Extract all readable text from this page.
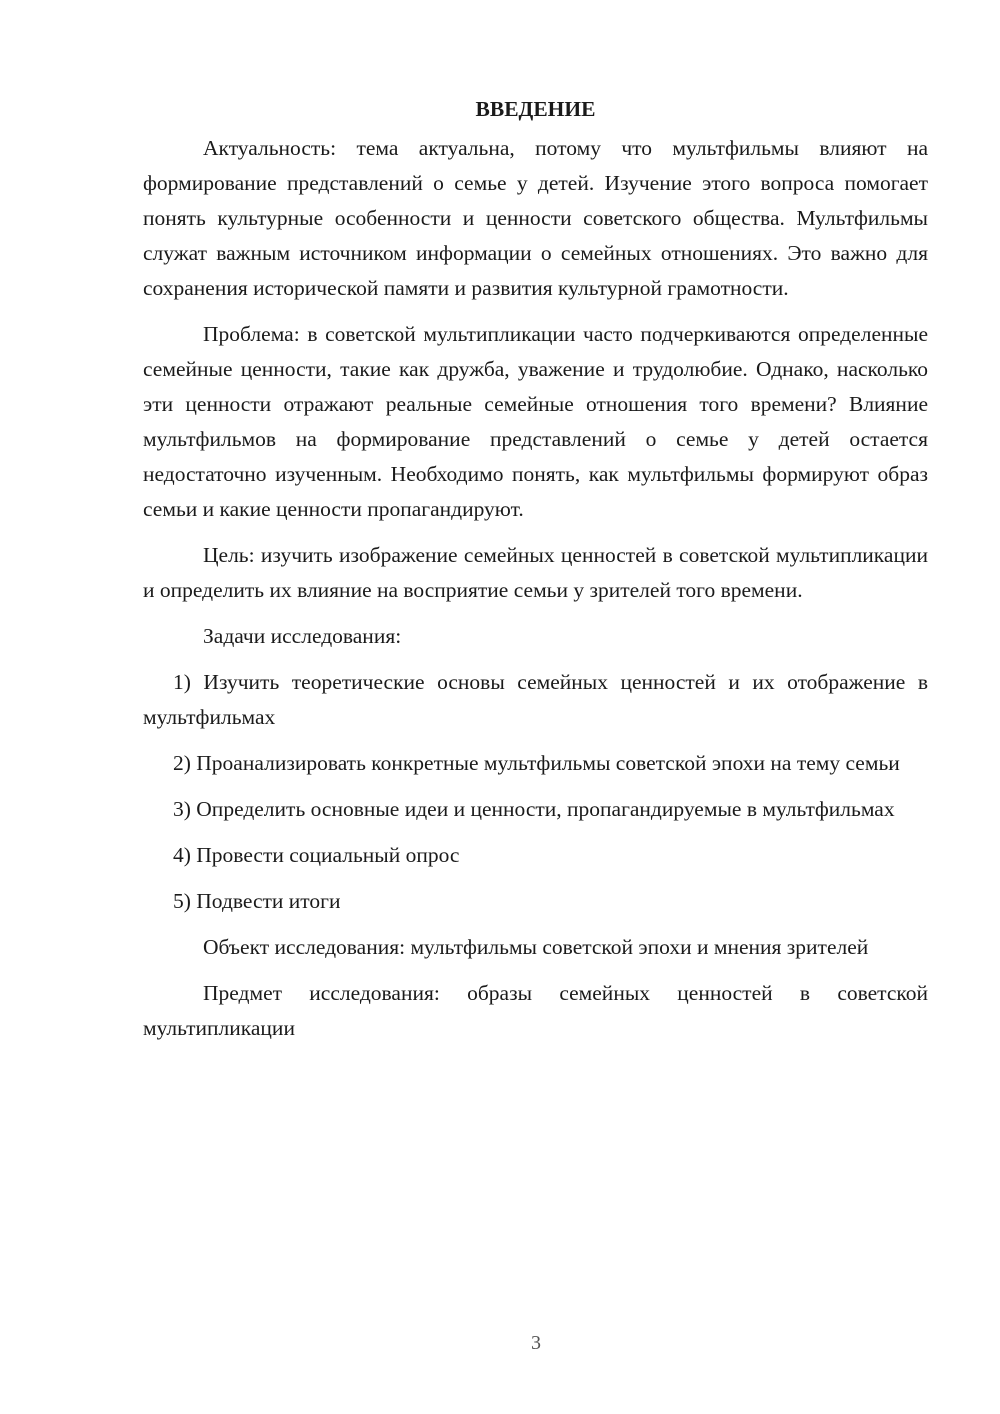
ВВЕДЕНИЕ

Актуальность: тема актуальна, потому что мультфильмы влияют на формирование представлений о семье у детей. Изучение этого вопроса помогает понять культурные особенности и ценности советского общества. Мультфильмы служат важным источником информации о семейных отношениях. Это важно для сохранения исторической памяти и развития культурной грамотности.

Проблема: в советской мультипликации часто подчеркиваются определенные семейные ценности, такие как дружба, уважение и трудолюбие. Однако, насколько эти ценности отражают реальные семейные отношения того времени? Влияние мультфильмов на формирование представлений о семье у детей остается недостаточно изученным. Необходимо понять, как мультфильмы формируют образ семьи и какие ценности пропагандируют.

Цель: изучить изображение семейных ценностей в советской мультипликации и определить их влияние на восприятие семьи у зрителей того времени.

Задачи исследования:

1) Изучить теоретические основы семейных ценностей и их отображение в мультфильмах

2) Проанализировать конкретные мультфильмы советской эпохи на тему семьи

3) Определить основные идеи и ценности, пропагандируемые в мультфильмах

4) Провести социальный опрос

5) Подвести итоги

Объект исследования: мультфильмы советской эпохи и мнения зрителей

Предмет исследования: образы семейных ценностей в советской мультипликации

3
